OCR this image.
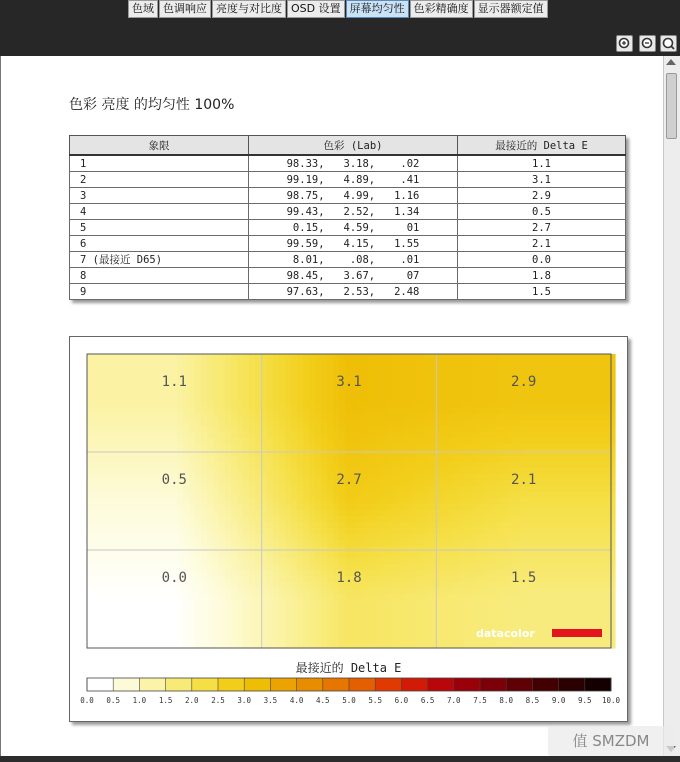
色域 色调响应 亮度与对比度 OSD 设置 屏幕均匀性 色彩精确度 显示器额定值
色彩 亮度 的均匀性 100%
象限	色彩 (Lab)	最接近的 Delta E
1	98.33,   3.18,    .02	1.1
2	99.19,   4.89,    .41	3.1
3	98.75,   4.99,   1.16	2.9
4	99.43,   2.52,   1.34	0.5
5	0.15,   4.59,     01	2.7
6	99.59,   4.15,   1.55	2.1
7 (最接近 D65)	8.01,    .08,    .01	0.0
8	98.45,   3.67,     07	1.8
9	97.63,   2.53,   2.48	1.5
1.1	3.1	2.9
0.5	2.7	2.1
0.0	1.8	1.5
datacolor
最接近的 Delta E
0.0 0.5 1.0 1.5 2.0 2.5 3.0 3.5 4.0 4.5 5.0 5.5 6.0 6.5 7.0 7.5 8.0 8.5 9.0 9.5 10.0
值 SMZDM
